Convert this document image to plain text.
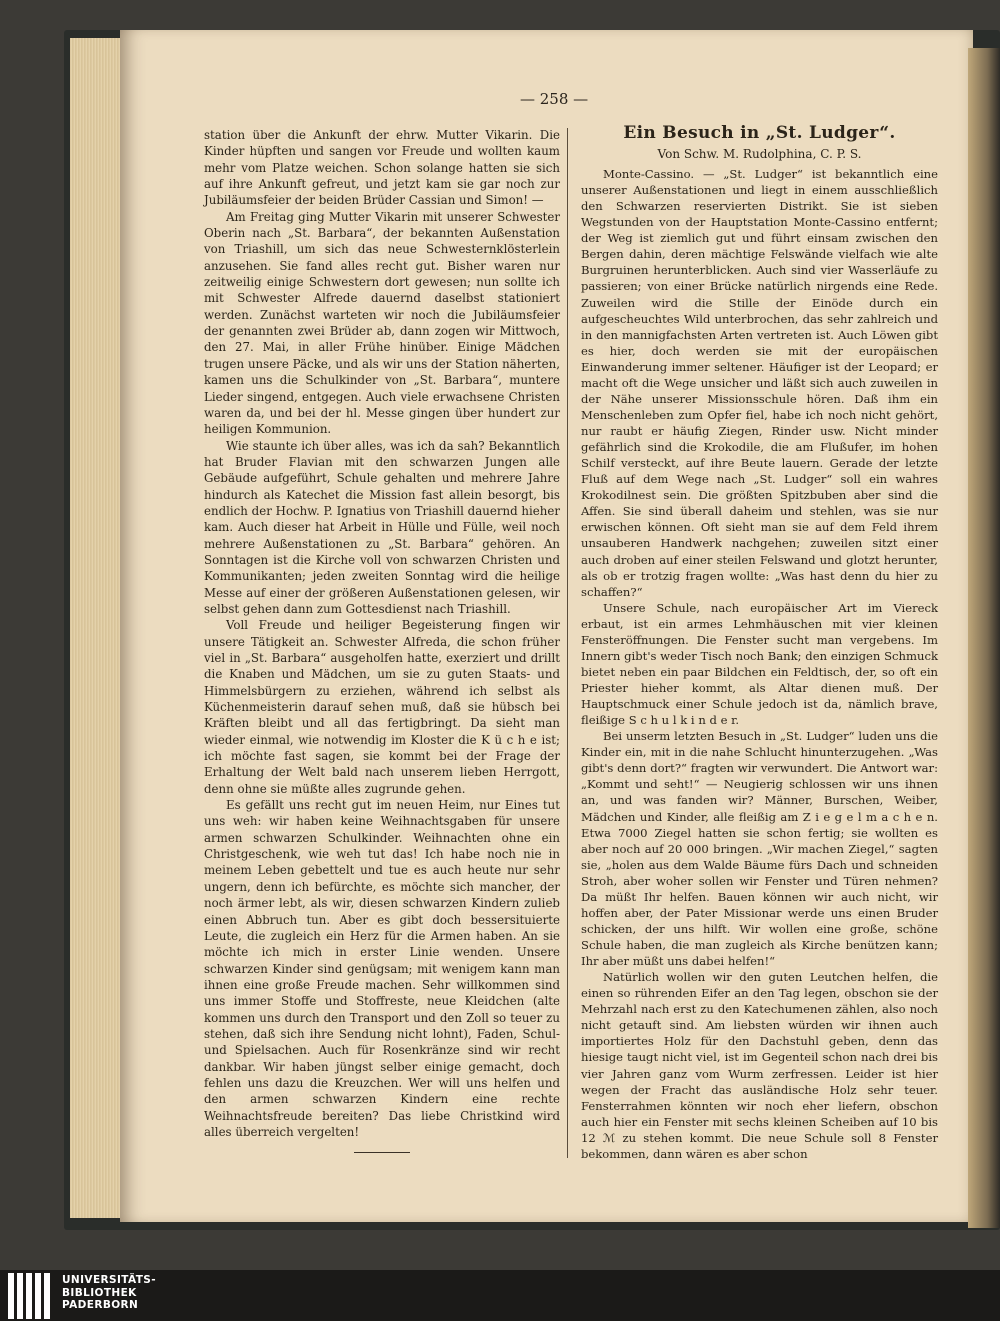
— 258 —

station über die Ankunft der ehrw. Mutter Vikarin. Die Kinder hüpften und sangen vor Freude und wollten kaum mehr vom Platze weichen. Schon solange hatten sie sich auf ihre Ankunft gefreut, und jetzt kam sie gar noch zur Jubiläumsfeier der beiden Brüder Cassian und Simon! —

Am Freitag ging Mutter Vikarin mit unserer Schwester Oberin nach „St. Barbara“, der bekannten Außenstation von Triashill, um sich das neue Schwesternklösterlein anzusehen. Sie fand alles recht gut. Bisher waren nur zeitweilig einige Schwestern dort gewesen; nun sollte ich mit Schwester Alfrede dauernd daselbst stationiert werden. Zunächst warteten wir noch die Jubiläumsfeier der genannten zwei Brüder ab, dann zogen wir Mittwoch, den 27. Mai, in aller Frühe hinüber. Einige Mädchen trugen unsere Päcke, und als wir uns der Station näherten, kamen uns die Schulkinder von „St. Barbara“, muntere Lieder singend, entgegen. Auch viele erwachsene Christen waren da, und bei der hl. Messe gingen über hundert zur heiligen Kommunion.

Wie staunte ich über alles, was ich da sah? Bekanntlich hat Bruder Flavian mit den schwarzen Jungen alle Gebäude aufgeführt, Schule gehalten und mehrere Jahre hindurch als Katechet die Mission fast allein besorgt, bis endlich der Hochw. P. Ignatius von Triashill dauernd hieher kam. Auch dieser hat Arbeit in Hülle und Fülle, weil noch mehrere Außenstationen zu „St. Barbara“ gehören. An Sonntagen ist die Kirche voll von schwarzen Christen und Kommunikanten; jeden zweiten Sonntag wird die heilige Messe auf einer der größeren Außenstationen gelesen, wir selbst gehen dann zum Gottesdienst nach Triashill.

Voll Freude und heiliger Begeisterung fingen wir unsere Tätigkeit an. Schwester Alfreda, die schon früher viel in „St. Barbara“ ausgeholfen hatte, exerziert und drillt die Knaben und Mädchen, um sie zu guten Staats- und Himmelsbürgern zu erziehen, während ich selbst als Küchenmeisterin darauf sehen muß, daß sie hübsch bei Kräften bleibt und all das fertigbringt. Da sieht man wieder einmal, wie notwendig im Kloster die K ü c h e ist; ich möchte fast sagen, sie kommt bei der Frage der Erhaltung der Welt bald nach unserem lieben Herrgott, denn ohne sie müßte alles zugrunde gehen.

Es gefällt uns recht gut im neuen Heim, nur Eines tut uns weh: wir haben keine Weihnachtsgaben für unsere armen schwarzen Schulkinder. Weihnachten ohne ein Christgeschenk, wie weh tut das! Ich habe noch nie in meinem Leben gebettelt und tue es auch heute nur sehr ungern, denn ich befürchte, es möchte sich mancher, der noch ärmer lebt, als wir, diesen schwarzen Kindern zulieb einen Abbruch tun. Aber es gibt doch bessersituierte Leute, die zugleich ein Herz für die Armen haben. An sie möchte ich mich in erster Linie wenden. Unsere schwarzen Kinder sind genügsam; mit wenigem kann man ihnen eine große Freude machen. Sehr willkommen sind uns immer Stoffe und Stoffreste, neue Kleidchen (alte kommen uns durch den Transport und den Zoll so teuer zu stehen, daß sich ihre Sendung nicht lohnt), Faden, Schul- und Spielsachen. Auch für Rosenkränze sind wir recht dankbar. Wir haben jüngst selber einige gemacht, doch fehlen uns dazu die Kreuzchen. Wer will uns helfen und den armen schwarzen Kindern eine rechte Weihnachtsfreude bereiten? Das liebe Christkind wird alles überreich vergelten!

Ein Besuch in „St. Ludger“.
Von Schw. M. Rudolphina, C. P. S.

Monte-Cassino. — „St. Ludger“ ist bekanntlich eine unserer Außenstationen und liegt in einem ausschließlich den Schwarzen reservierten Distrikt. Sie ist sieben Wegstunden von der Hauptstation Monte-Cassino entfernt; der Weg ist ziemlich gut und führt einsam zwischen den Bergen dahin, deren mächtige Felswände vielfach wie alte Burgruinen herunterblicken. Auch sind vier Wasserläufe zu passieren; von einer Brücke natürlich nirgends eine Rede. Zuweilen wird die Stille der Einöde durch ein aufgescheuchtes Wild unterbrochen, das sehr zahlreich und in den mannigfachsten Arten vertreten ist. Auch Löwen gibt es hier, doch werden sie mit der europäischen Einwanderung immer seltener. Häufiger ist der Leopard; er macht oft die Wege unsicher und läßt sich auch zuweilen in der Nähe unserer Missionsschule hören. Daß ihm ein Menschenleben zum Opfer fiel, habe ich noch nicht gehört, nur raubt er häufig Ziegen, Rinder usw. Nicht minder gefährlich sind die Krokodile, die am Flußufer, im hohen Schilf versteckt, auf ihre Beute lauern. Gerade der letzte Fluß auf dem Wege nach „St. Ludger“ soll ein wahres Krokodilnest sein. Die größten Spitzbuben aber sind die Affen. Sie sind überall daheim und stehlen, was sie nur erwischen können. Oft sieht man sie auf dem Feld ihrem unsauberen Handwerk nachgehen; zuweilen sitzt einer auch droben auf einer steilen Felswand und glotzt herunter, als ob er trotzig fragen wollte: „Was hast denn du hier zu schaffen?“

Unsere Schule, nach europäischer Art im Viereck erbaut, ist ein armes Lehmhäuschen mit vier kleinen Fensteröffnungen. Die Fenster sucht man vergebens. Im Innern gibt's weder Tisch noch Bank; den einzigen Schmuck bietet neben ein paar Bildchen ein Feldtisch, der, so oft ein Priester hieher kommt, als Altar dienen muß. Der Hauptschmuck einer Schule jedoch ist da, nämlich brave, fleißige S c h u l k i n d e r.

Bei unserm letzten Besuch in „St. Ludger“ luden uns die Kinder ein, mit in die nahe Schlucht hinunterzugehen. „Was gibt's denn dort?“ fragten wir verwundert. Die Antwort war: „Kommt und seht!“ — Neugierig schlossen wir uns ihnen an, und was fanden wir? Männer, Burschen, Weiber, Mädchen und Kinder, alle fleißig am Z i e g e l m a c h e n. Etwa 7000 Ziegel hatten sie schon fertig; sie wollten es aber noch auf 20 000 bringen. „Wir machen Ziegel,“ sagten sie, „holen aus dem Walde Bäume fürs Dach und schneiden Stroh, aber woher sollen wir Fenster und Türen nehmen? Da müßt Ihr helfen. Bauen können wir auch nicht, wir hoffen aber, der Pater Missionar werde uns einen Bruder schicken, der uns hilft. Wir wollen eine große, schöne Schule haben, die man zugleich als Kirche benützen kann; Ihr aber müßt uns dabei helfen!“

Natürlich wollen wir den guten Leutchen helfen, die einen so rührenden Eifer an den Tag legen, obschon sie der Mehrzahl nach erst zu den Katechumenen zählen, also noch nicht getauft sind. Am liebsten würden wir ihnen auch importiertes Holz für den Dachstuhl geben, denn das hiesige taugt nicht viel, ist im Gegenteil schon nach drei bis vier Jahren ganz vom Wurm zerfressen. Leider ist hier wegen der Fracht das ausländische Holz sehr teuer. Fensterrahmen könnten wir noch eher liefern, obschon auch hier ein Fenster mit sechs kleinen Scheiben auf 10 bis 12 ℳ zu stehen kommt. Die neue Schule soll 8 Fenster bekommen, dann wären es aber schon

UNIVERSITÄTS-
BIBLIOTHEK
PADERBORN
